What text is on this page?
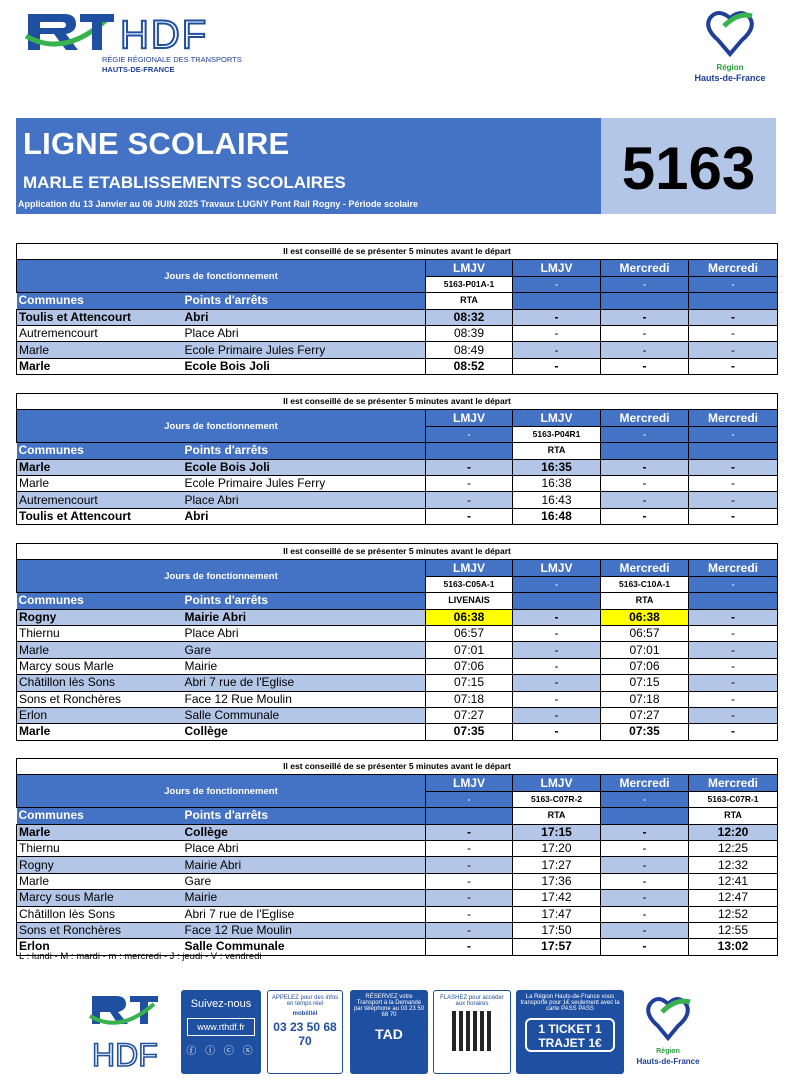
HDF
RÉGIE RÉGIONALE DES TRANSPORTS
HAUTS-DE-FRANCE	Région
Hauts-de-France
LIGNE SCOLAIRE
MARLE ETABLISSEMENTS SCOLAIRES
Application du 13 Janvier au 06 JUIN 2025 Travaux LUGNY Pont Rail Rogny - Période scolaire
5163
Il est conseillé de se présenter 5 minutes avant le départ					
Jours de fonctionnement		LMJV	LMJV	Mercredi	Mercredi
		5163-P01A-1	-	-	-
Communes	Points d'arrêts	RTA			
Toulis et Attencourt	Abri	08:32	-	-	-
Autremencourt	Place Abri	08:39	-	-	-
Marle	Ecole Primaire Jules Ferry	08:49	-	-	-
Marle	Ecole Bois Joli	08:52	-	-	-
Il est conseillé de se présenter 5 minutes avant le départ					
Jours de fonctionnement		LMJV	LMJV	Mercredi	Mercredi
		-	5163-P04R1	-	-
Communes	Points d'arrêts		RTA		
Marle	Ecole Bois Joli	-	16:35	-	-
Marle	Ecole Primaire Jules Ferry	-	16:38	-	-
Autremencourt	Place Abri	-	16:43	-	-
Toulis et Attencourt	Abri	-	16:48	-	-
Il est conseillé de se présenter 5 minutes avant le départ					
Jours de fonctionnement		LMJV	LMJV	Mercredi	Mercredi
		5163-C05A-1	-	5163-C10A-1	-
Communes	Points d'arrêts	LIVENAIS		RTA	
Rogny	Mairie Abri	06:38	-	06:38	-
Thiernu	Place Abri	06:57	-	06:57	-
Marle	Gare	07:01	-	07:01	-
Marcy sous Marle	Mairie	07:06	-	07:06	-
Châtillon lès Sons	Abri 7 rue de l'Eglise	07:15	-	07:15	-
Sons et Ronchères	Face 12 Rue Moulin	07:18	-	07:18	-
Erlon	Salle Communale	07:27	-	07:27	-
Marle	Collège	07:35	-	07:35	-
Il est conseillé de se présenter 5 minutes avant le départ					
Jours de fonctionnement		LMJV	LMJV	Mercredi	Mercredi
		-	5163-C07R-2	-	5163-C07R-1
Communes	Points d'arrêts		RTA		RTA
Marle	Collège	-	17:15	-	12:20
Thiernu	Place Abri	-	17:20	-	12:25
Rogny	Mairie Abri	-	17:27	-	12:32
Marle	Gare	-	17:36	-	12:41
Marcy sous Marle	Mairie	-	17:42	-	12:47
Châtillon lès Sons	Abri 7 rue de l'Eglise	-	17:47	-	12:52
Sons et Ronchères	Face 12 Rue Moulin	-	17:50	-	12:55
Erlon	Salle Communale	-	17:57	-	13:02
L : lundi - M : mardi - m : mercredi - J : jeudi - V : vendredi
HDF
Suivez-nous
www.rthdf.fr
ⓕ ⓘ ⓒ ⓧ
APPELEZ pour des infos en temps réel
mobilitél
03 23 50 68 70
RÉSERVEZ votre Transport à la Demande par téléphone au 03 23 50 68 70
TAD
FLASHEZ pour accéder aux horaires
La Région Hauts-de-France vous transporte pour 1€ seulement avec la carte PASS PASS
1 TICKET 1 TRAJET 1€
Région
Hauts-de-France
